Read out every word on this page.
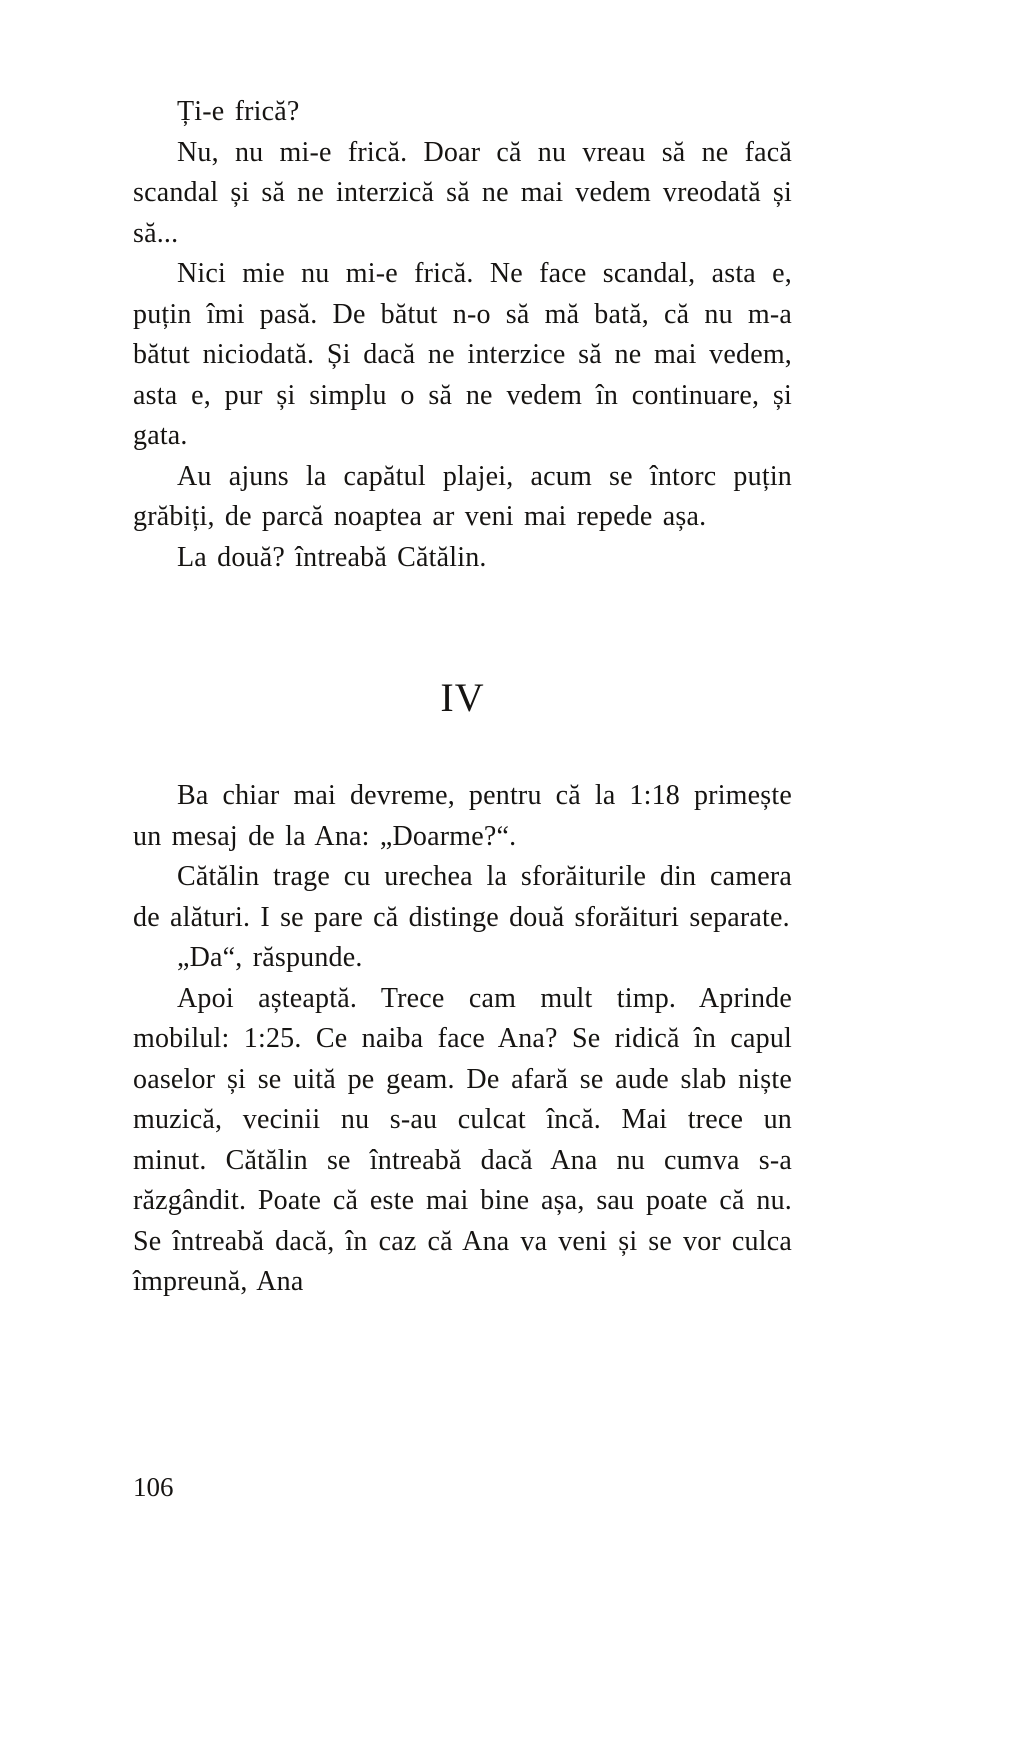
Ți-e frică?

Nu, nu mi-e frică. Doar că nu vreau să ne facă scandal și să ne interzică să ne mai vedem vreodată și să...

Nici mie nu mi-e frică. Ne face scandal, asta e, puțin îmi pasă. De bătut n-o să mă bată, că nu m-a bătut niciodată. Și dacă ne interzice să ne mai vedem, asta e, pur și simplu o să ne vedem în continuare, și gata.

Au ajuns la capătul plajei, acum se întorc puțin grăbiți, de parcă noaptea ar veni mai repede așa.

La două? întreabă Cătălin.

IV

Ba chiar mai devreme, pentru că la 1:18 primește un mesaj de la Ana: „Doarme?“.

Cătălin trage cu urechea la sforăiturile din camera de alături. I se pare că distinge două sforăituri separate.

„Da“, răspunde.

Apoi așteaptă. Trece cam mult timp. Aprinde mobilul: 1:25. Ce naiba face Ana? Se ridică în capul oaselor și se uită pe geam. De afară se aude slab niște muzică, vecinii nu s-au culcat încă. Mai trece un minut. Cătălin se întreabă dacă Ana nu cumva s-a răzgândit. Poate că este mai bine așa, sau poate că nu. Se întreabă dacă, în caz că Ana va veni și se vor culca împreună, Ana

106
